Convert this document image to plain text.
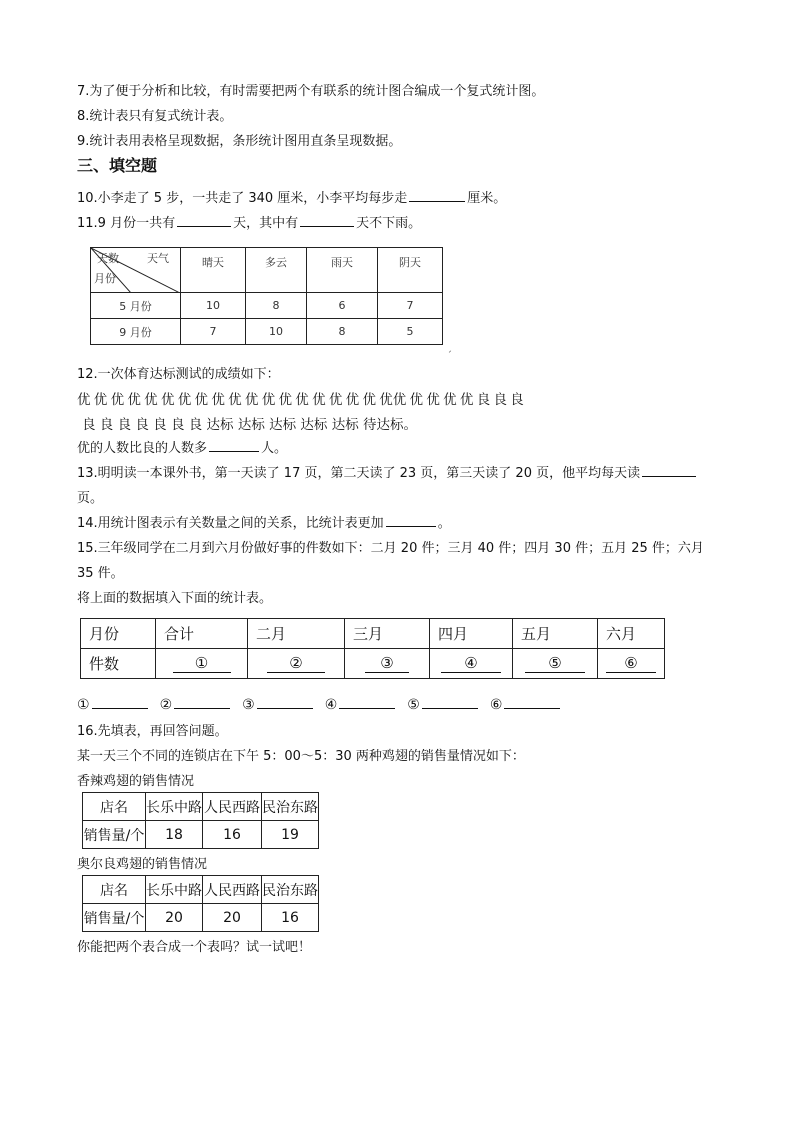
7.为了便于分析和比较，有时需要把两个有联系的统计图合编成一个复式统计图。
8.统计表只有复式统计表。
9.统计表用表格呈现数据，条形统计图用直条呈现数据。
三、填空题
10.小李走了 5 步，一共走了 340 厘米，小李平均每步走	厘米。
11.9 月份一共有	天，其中有	天不下雨。
天数 天气
月份	晴天	多云	雨天	阴天
5 月份	10	8	6	7
9 月份	7	10	8	5
ˏ
12.一次体育达标测试的成绩如下：
优 优 优 优 优 优 优 优 优 优 优 优 优 优 优 优 优 优 优优 优 优 优 优 良 良 良
良 良 良 良 良 良 良 达标 达标 达标 达标 达标 待达标。
优的人数比良的人数多	人。
13.明明读一本课外书，第一天读了 17 页，第二天读了 23 页，第三天读了 20 页，他平均每天读
页。
14.用统计图表示有关数量之间的关系，比统计表更加	。
15.三年级同学在二月到六月份做好事的件数如下：二月 20 件；三月 40 件；四月 30 件；五月 25 件；六月
35 件。
将上面的数据填入下面的统计表。
月份	合计	二月	三月	四月	五月	六月
件数	①	②	③	④	⑤	⑥
①	②	③	④	⑤	⑥
16.先填表，再回答问题。
某一天三个不同的连锁店在下午 5：00～5：30 两种鸡翅的销售量情况如下：
香辣鸡翅的销售情况
店名	长乐中路	人民西路	民治东路
销售量/个	18	16	19
奥尔良鸡翅的销售情况
店名	长乐中路	人民西路	民治东路
销售量/个	20	20	16
你能把两个表合成一个表吗？试一试吧！
